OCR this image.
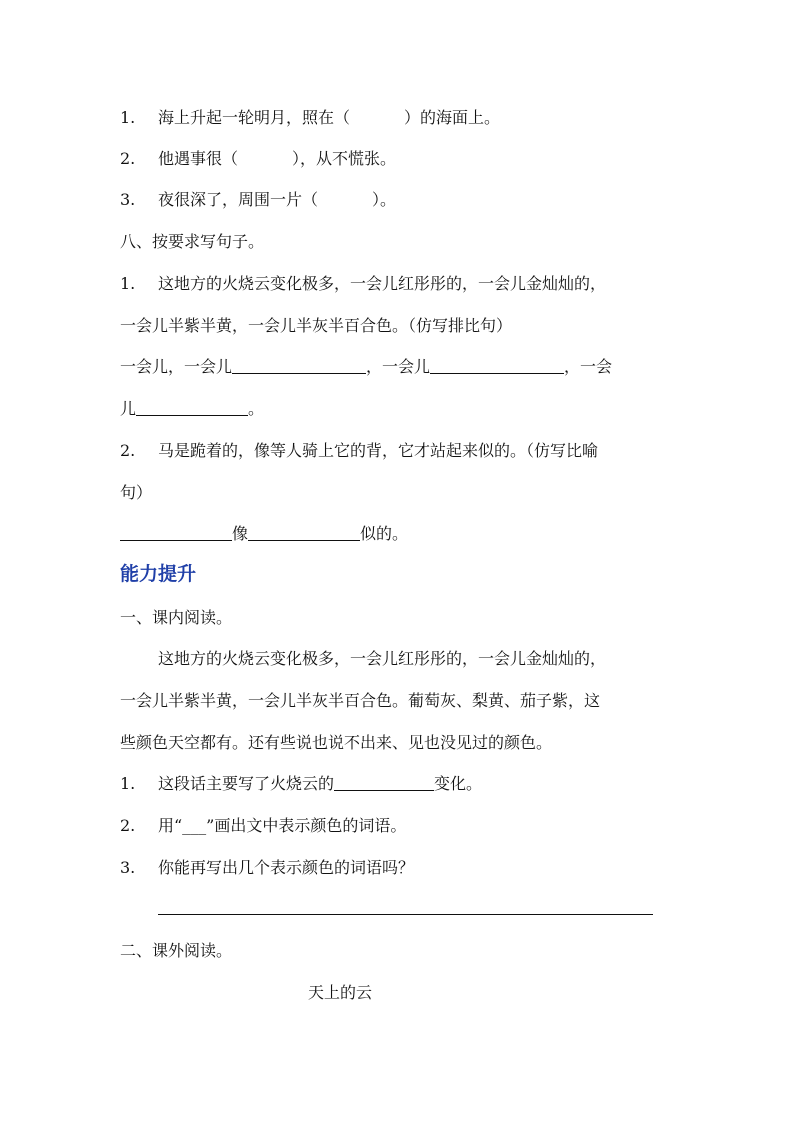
1. 海上升起一轮明月，照在（	）的海面上。
2. 他遇事很（	），从不慌张。
3. 夜很深了，周围一片（	）。
八、按要求写句子。
1. 这地方的火烧云变化极多，一会儿红彤彤的，一会儿金灿灿的，
一会儿半紫半黄，一会儿半灰半百合色。（仿写排比句）
一会儿，一会儿	，一会儿	，一会
儿	。
2. 马是跪着的，像等人骑上它的背，它才站起来似的。（仿写比喻
句）
像	似的。
能力提升
一、课内阅读。
这地方的火烧云变化极多，一会儿红彤彤的，一会儿金灿灿的，
一会儿半紫半黄，一会儿半灰半百合色。葡萄灰、梨黄、茄子紫，这
些颜色天空都有。还有些说也说不出来、见也没见过的颜色。
1. 这段话主要写了火烧云的	变化。
2. 用“___”画出文中表示颜色的词语。
3. 你能再写出几个表示颜色的词语吗？
二、课外阅读。
天上的云
